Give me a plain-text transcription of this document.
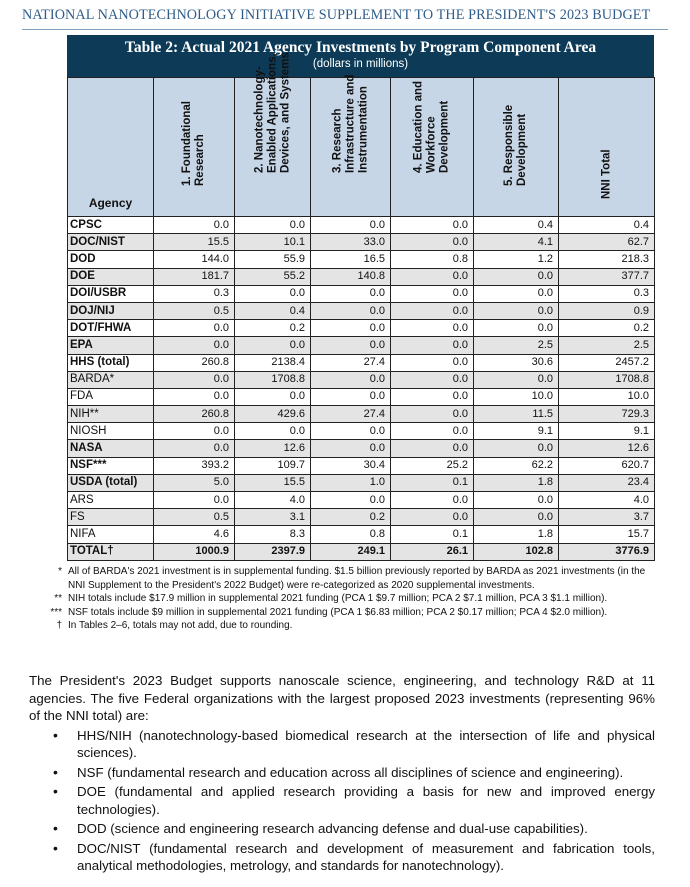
NATIONAL NANOTECHNOLOGY INITIATIVE SUPPLEMENT TO THE PRESIDENT'S 2023 BUDGET
Table 2: Actual 2021 Agency Investments by Program Component Area
(dollars in millions)
Agency	1. Foundational Research	2. Nanotechnology-Enabled Applications, Devices, and Systems	3. Research Infrastructure and Instrumentation	4. Education and Workforce Development	5. Responsible Development	NNI Total

CPSC	0.0	0.0	0.0	0.0	0.4	0.4
DOC/NIST	15.5	10.1	33.0	0.0	4.1	62.7
DOD	144.0	55.9	16.5	0.8	1.2	218.3
DOE	181.7	55.2	140.8	0.0	0.0	377.7
DOI/USBR	0.3	0.0	0.0	0.0	0.0	0.3
DOJ/NIJ	0.5	0.4	0.0	0.0	0.0	0.9
DOT/FHWA	0.0	0.2	0.0	0.0	0.0	0.2
EPA	0.0	0.0	0.0	0.0	2.5	2.5
HHS (total)	260.8	2138.4	27.4	0.0	30.6	2457.2
BARDA*	0.0	1708.8	0.0	0.0	0.0	1708.8
FDA	0.0	0.0	0.0	0.0	10.0	10.0
NIH**	260.8	429.6	27.4	0.0	11.5	729.3
NIOSH	0.0	0.0	0.0	0.0	9.1	9.1
NASA	0.0	12.6	0.0	0.0	0.0	12.6
NSF***	393.2	109.7	30.4	25.2	62.2	620.7
USDA (total)	5.0	15.5	1.0	0.1	1.8	23.4
ARS	0.0	4.0	0.0	0.0	0.0	4.0
FS	0.5	3.1	0.2	0.0	0.0	3.7
NIFA	4.6	8.3	0.8	0.1	1.8	15.7
TOTAL†	1000.9	2397.9	249.1	26.1	102.8	3776.9
* All of BARDA's 2021 investment is in supplemental funding. $1.5 billion previously reported by BARDA as 2021 investments (in the NNI Supplement to the President's 2022 Budget) were re-categorized as 2020 supplemental investments.
** NIH totals include $17.9 million in supplemental 2021 funding (PCA 1 $9.7 million; PCA 2 $7.1 million, PCA 3 $1.1 million).
*** NSF totals include $9 million in supplemental 2021 funding (PCA 1 $6.83 million; PCA 2 $0.17 million; PCA 4 $2.0 million).
† In Tables 2–6, totals may not add, due to rounding.

The President's 2023 Budget supports nanoscale science, engineering, and technology R&D at 11 agencies. The five Federal organizations with the largest proposed 2023 investments (representing 96% of the NNI total) are:

• HHS/NIH (nanotechnology-based biomedical research at the intersection of life and physical sciences).
• NSF (fundamental research and education across all disciplines of science and engineering).
• DOE (fundamental and applied research providing a basis for new and improved energy technologies).
• DOD (science and engineering research advancing defense and dual-use capabilities).
• DOC/NIST (fundamental research and development of measurement and fabrication tools, analytical methodologies, metrology, and standards for nanotechnology).
